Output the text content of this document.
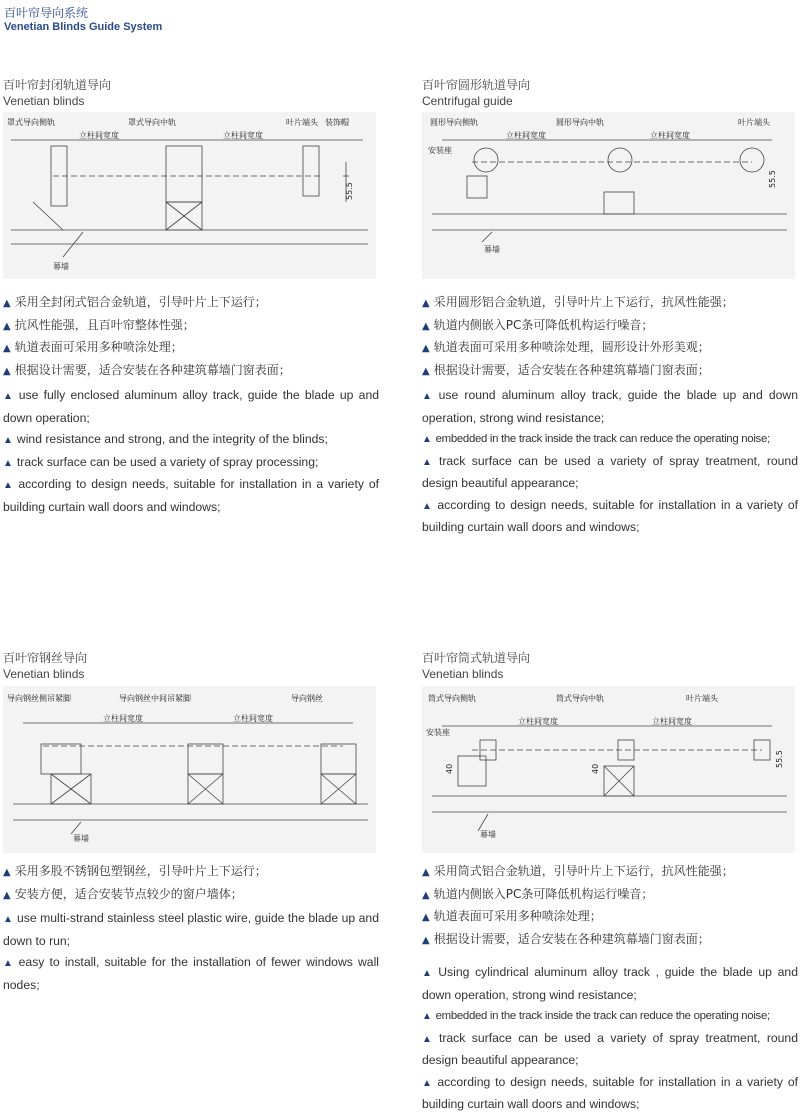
百叶帘导向系统
Venetian Blinds Guide System
百叶帘封闭轨道导向
Venetian blinds
罩式导向侧轨	罩式导向中轨	叶片端头 装饰帽
立柱间宽度	立柱间宽度
55.5
幕墙
▲ 采用全封闭式铝合金轨道，引导叶片上下运行；
▲ 抗风性能强，且百叶帘整体性强；
▲ 轨道表面可采用多种喷涂处理；
▲ 根据设计需要，适合安装在各种建筑幕墙门窗表面；
▲ use fully enclosed aluminum alloy track, guide the blade up and down operation;
▲ wind resistance and strong, and the integrity of the blinds;
▲ track surface can be used a variety of spray processing;
▲ according to design needs, suitable for installation in a variety of building curtain wall doors and windows;
百叶帘圆形轨道导向
Centrifugal guide
圆形导向侧轨	圆形导向中轨	叶片端头
安装座
立柱间宽度	立柱间宽度
55.5
幕墙
▲ 采用圆形铝合金轨道，引导叶片上下运行，抗风性能强；
▲ 轨道内侧嵌入PC条可降低机构运行噪音；
▲ 轨道表面可采用多种喷涂处理，圆形设计外形美观；
▲ 根据设计需要，适合安装在各种建筑幕墙门窗表面；
▲ use round aluminum alloy track, guide the blade up and down operation, strong wind resistance;
▲ embedded in the track inside the track can reduce the operating noise;
▲ track surface can be used a variety of spray treatment, round design beautiful appearance;
▲ according to design needs, suitable for installation in a variety of building curtain wall doors and windows;
百叶帘钢丝导向
Venetian blinds
导向钢丝侧吊紧脚	导向钢丝中间吊紧脚	导向钢丝
立柱间宽度	立柱间宽度
幕墙
▲ 采用多股不锈钢包塑钢丝，引导叶片上下运行；
▲ 安装方便，适合安装节点较少的窗户墙体；
▲ use multi-strand stainless steel plastic wire, guide the blade up and down to run;
▲ easy to install, suitable for the installation of fewer windows wall nodes;
百叶帘筒式轨道导向
Venetian blinds
筒式导向侧轨	筒式导向中轨	叶片端头
安装座
立柱间宽度	立柱间宽度
40	40
55.5
幕墙
▲ 采用筒式铝合金轨道，引导叶片上下运行，抗风性能强；
▲ 轨道内侧嵌入PC条可降低机构运行噪音；
▲ 轨道表面可采用多种喷涂处理；
▲ 根据设计需要，适合安装在各种建筑幕墙门窗表面；
▲ Using cylindrical aluminum alloy track , guide the blade up and down operation, strong wind resistance;
▲ embedded in the track inside the track can reduce the operating noise;
▲ track surface can be used a variety of spray treatment, round design beautiful appearance;
▲ according to design needs, suitable for installation in a variety of building curtain wall doors and windows;
